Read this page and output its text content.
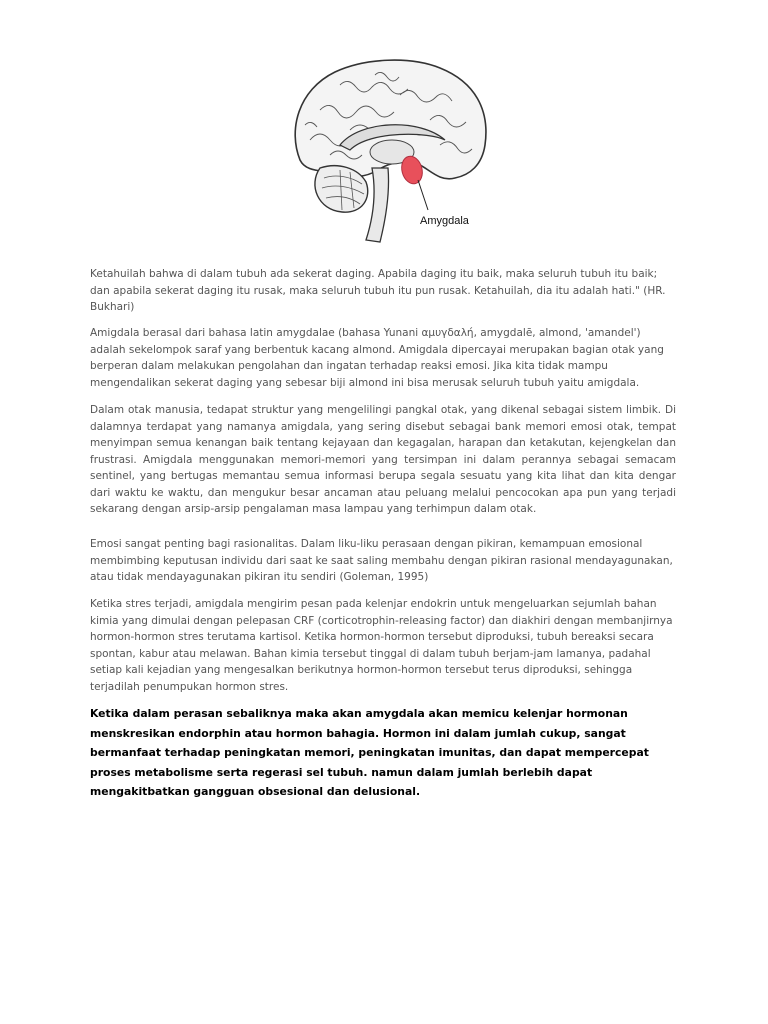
Amygdala

Ketahuilah bahwa di dalam tubuh ada sekerat daging. Apabila daging itu baik, maka seluruh tubuh itu baik; dan apabila sekerat daging itu rusak, maka seluruh tubuh itu pun rusak. Ketahuilah, dia itu adalah hati." (HR. Bukhari)

Amigdala berasal dari bahasa latin amygdalae (bahasa Yunani αμυγδαλή, amygdalē, almond, 'amandel') adalah sekelompok saraf yang berbentuk kacang almond. Amigdala dipercayai merupakan bagian otak yang berperan dalam melakukan pengolahan dan ingatan terhadap reaksi emosi. Jika kita tidak mampu mengendalikan sekerat daging yang sebesar biji almond ini bisa merusak seluruh tubuh yaitu amigdala.

Dalam otak manusia, tedapat struktur yang mengelilingi pangkal otak, yang dikenal sebagai sistem limbik. Di dalamnya terdapat yang namanya amigdala, yang sering disebut sebagai bank memori emosi otak, tempat menyimpan semua kenangan baik tentang kejayaan dan kegagalan, harapan dan ketakutan, kejengkelan dan frustrasi. Amigdala menggunakan memori-memori yang tersimpan ini dalam perannya sebagai semacam sentinel, yang bertugas memantau semua informasi berupa segala sesuatu yang kita lihat dan kita dengar dari waktu ke waktu, dan mengukur besar ancaman atau peluang melalui pencocokan apa pun yang terjadi sekarang dengan arsip-arsip pengalaman masa lampau yang terhimpun dalam otak.

Emosi sangat penting bagi rasionalitas. Dalam liku-liku perasaan dengan pikiran, kemampuan emosional membimbing keputusan individu dari saat ke saat saling membahu dengan pikiran rasional mendayagunakan, atau tidak mendayagunakan pikiran itu sendiri (Goleman, 1995)

Ketika stres terjadi, amigdala mengirim pesan pada kelenjar endokrin untuk mengeluarkan sejumlah bahan kimia yang dimulai dengan pelepasan CRF (corticotrophin-releasing factor) dan diakhiri dengan membanjirnya hormon-hormon stres terutama kartisol. Ketika hormon-hormon tersebut diproduksi, tubuh bereaksi secara spontan, kabur atau melawan. Bahan kimia tersebut tinggal di dalam tubuh berjam-jam lamanya, padahal setiap kali kejadian yang mengesalkan berikutnya hormon-hormon tersebut terus diproduksi, sehingga terjadilah penumpukan hormon stres.

Ketika dalam perasan sebaliknya maka akan amygdala akan memicu kelenjar hormonan menskresikan endorphin atau hormon bahagia. Hormon ini dalam jumlah cukup, sangat bermanfaat terhadap peningkatan memori, peningkatan imunitas, dan dapat mempercepat proses metabolisme serta regerasi sel tubuh. namun dalam jumlah berlebih dapat mengakitbatkan gangguan obsesional dan delusional.
